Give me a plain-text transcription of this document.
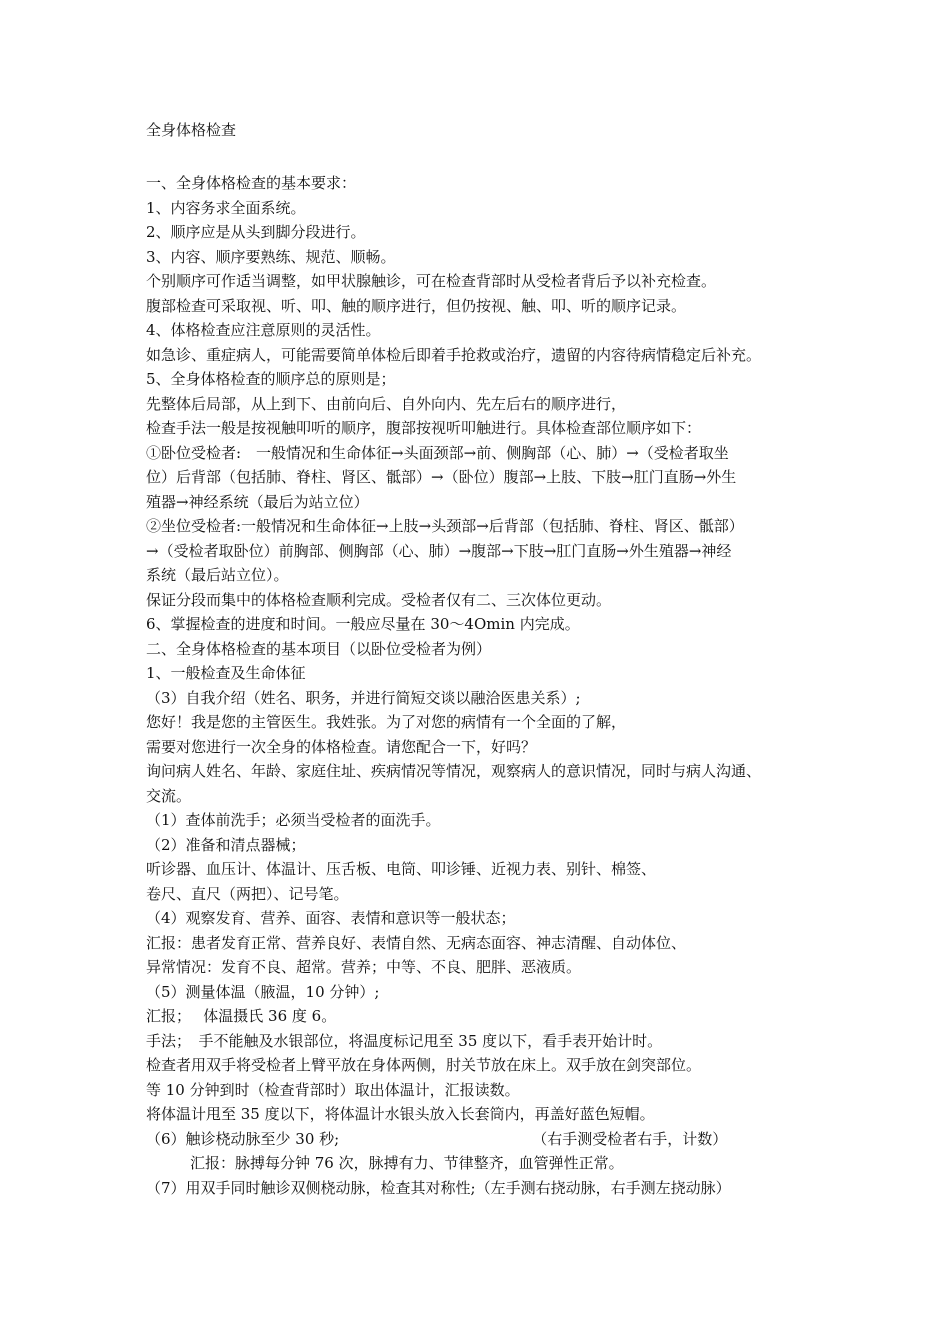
全身体格检查

一、全身体格检查的基本要求：

1、内容务求全面系统。

2、顺序应是从头到脚分段进行。

3、内容、顺序要熟练、规范、顺畅。

个别顺序可作适当调整，如甲状腺触诊，可在检查背部时从受检者背后予以补充检查。

腹部检查可采取视、听、叩、触的顺序进行，但仍按视、触、叩、听的顺序记录。

4、体格检查应注意原则的灵活性。

如急诊、重症病人，可能需要简单体检后即着手抢救或治疗，遗留的内容待病情稳定后补充。

5、全身体格检查的顺序总的原则是；

先整体后局部，从上到下、由前向后、自外向内、先左后右的顺序进行，

检查手法一般是按视触叩听的顺序，腹部按视听叩触进行。具体检查部位顺序如下：

①卧位受检者:　一般情况和生命体征→头面颈部→前、侧胸部（心、肺）→（受检者取坐

位）后背部（包括肺、脊柱、肾区、骶部）→（卧位）腹部→上肢、下肢→肛门直肠→外生

殖器→神经系统（最后为站立位）

②坐位受检者:一般情况和生命体征→上肢→头颈部→后背部（包括肺、脊柱、肾区、骶部）

→（受检者取卧位）前胸部、侧胸部（心、肺）→腹部→下肢→肛门直肠→外生殖器→神经

系统（最后站立位）。

保证分段而集中的体格检查顺利完成。受检者仅有二、三次体位更动。

6、掌握检查的进度和时间。一般应尽量在 30～4Omin 内完成。

二、全身体格检查的基本项目（以卧位受检者为例）

1、一般检查及生命体征

（3）自我介绍（姓名、职务，并进行简短交谈以融洽医患关系）;

您好！我是您的主管医生。我姓张。为了对您的病情有一个全面的了解，

需要对您进行一次全身的体格检查。请您配合一下，好吗？

询问病人姓名、年龄、家庭住址、疾病情况等情况，观察病人的意识情况，同时与病人沟通、

交流。

（1）查体前洗手；必须当受检者的面洗手。

（2）准备和清点器械；

听诊器、血压计、体温计、压舌板、电筒、叩诊锤、近视力表、别针、棉签、

卷尺、直尺（两把）、记号笔。

（4）观察发育、营养、面容、表情和意识等一般状态；

汇报：患者发育正常、营养良好、表情自然、无病态面容、神志清醒、自动体位、

异常情况：发育不良、超常。营养；中等、不良、肥胖、恶液质。

（5）测量体温（腋温，10 分钟）;

汇报；　 体温摄氏 36 度 6。

手法；　手不能触及水银部位，将温度标记甩至 35 度以下，看手表开始计时。

检查者用双手将受检者上臂平放在身体两侧，肘关节放在床上。双手放在剑突部位。

等 10 分钟到时（检查背部时）取出体温计，汇报读数。

将体温计甩至 35 度以下，将体温计水银头放入长套筒内，再盖好蓝色短帽。

（6）触诊桡动脉至少 30 秒;	（右手测受检者右手，计数）

汇报：脉搏每分钟 76 次，脉搏有力、节律整齐，血管弹性正常。

（7）用双手同时触诊双侧桡动脉，检查其对称性;（左手测右挠动脉，右手测左挠动脉）
